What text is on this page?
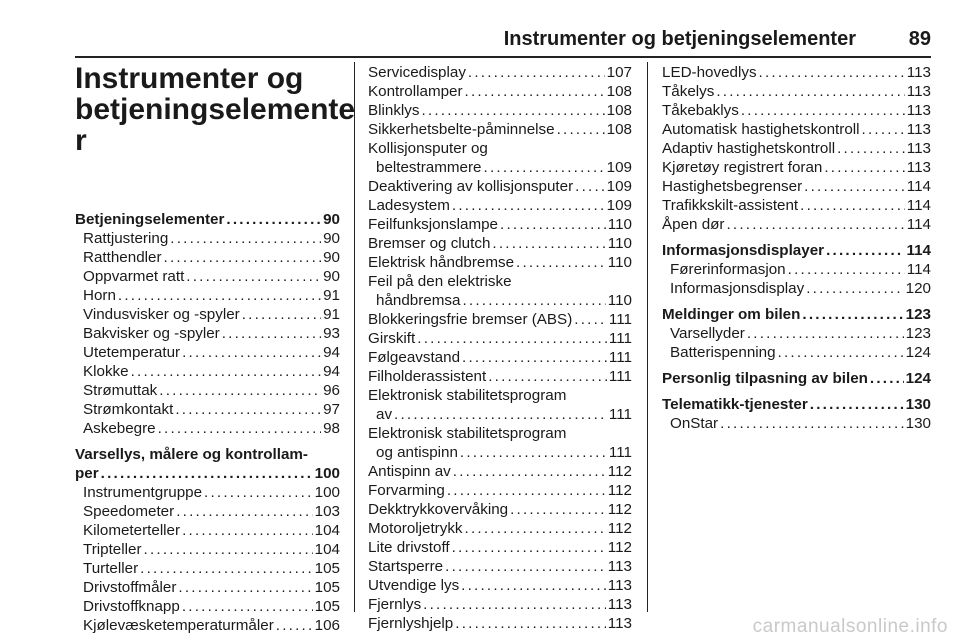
Instrumenter og betjeningselementer	89
Instrumenter og
betjeningselemente
r
Betjeningselementer . . .	90
Rattjustering . . .	90
Ratthendler . . .	90
Oppvarmet ratt . . .	90
Horn . . .	91
Vindusvisker og -spyler . . .	91
Bakvisker og -spyler . . .	93
Utetemperatur . . .	94
Klokke . . .	94
Strømuttak . . .	96
Strømkontakt . . .	97
Askebegre . . .	98
Varsellys, målere og kontrollam-
per . . .	100
Instrumentgruppe . . .	100
Speedometer . . .	103
Kilometerteller . . .	104
Tripteller . . .	104
Turteller . . .	105
Drivstoffmåler . . .	105
Drivstoffknapp . . .	105
Kjølevæsketemperaturmåler . . .	106
Servicedisplay . . .	107
Kontrollamper . . .	108
Blinklys . . .	108
Sikkerhetsbelte-påminnelse . . .	108
Kollisjonsputer og
beltestrammere . . .	109
Deaktivering av kollisjonsputer . . . 109
Ladesystem . . .	109
Feilfunksjonslampe . . .	110
Bremser og clutch . . .	110
Elektrisk håndbremse . . .	110
Feil på den elektriske
håndbremsa . . .	110
Blokkeringsfrie bremser (ABS) . . . 111
Girskift . . .	111
Følgeavstand . . .	111
Filholderassistent . . .	111
Elektronisk stabilitetsprogram
av . . .	111
Elektronisk stabilitetsprogram
og antispinn . . .	111
Antispinn av . . .	112
Forvarming . . .	112
Dekktrykkovervåking . . .	112
Motoroljetrykk . . .	112
Lite drivstoff . . .	112
Startsperre . . .	113
Utvendige lys . . .	113
Fjernlys . . .	113
Fjernlyshjelp . . .	113
LED-hovedlys . . .	113
Tåkelys . . .	113
Tåkebaklys . . .	113
Automatisk hastighetskontroll . . .	113
Adaptiv hastighetskontroll . . .	113
Kjøretøy registrert foran . . .	113
Hastighetsbegrenser . . .	114
Trafikkskilt-assistent . . .	114
Åpen dør . . .	114
Informasjonsdisplayer . . .	114
Førerinformasjon . . .	114
Informasjonsdisplay . . .	120
Meldinger om bilen . . .	123
Varsellyder . . .	123
Batterispenning . . .	124
Personlig tilpasning av bilen . . . 124
Telematikk-tjenester . . .	130
OnStar . . .	130
carmanualsonline.info
